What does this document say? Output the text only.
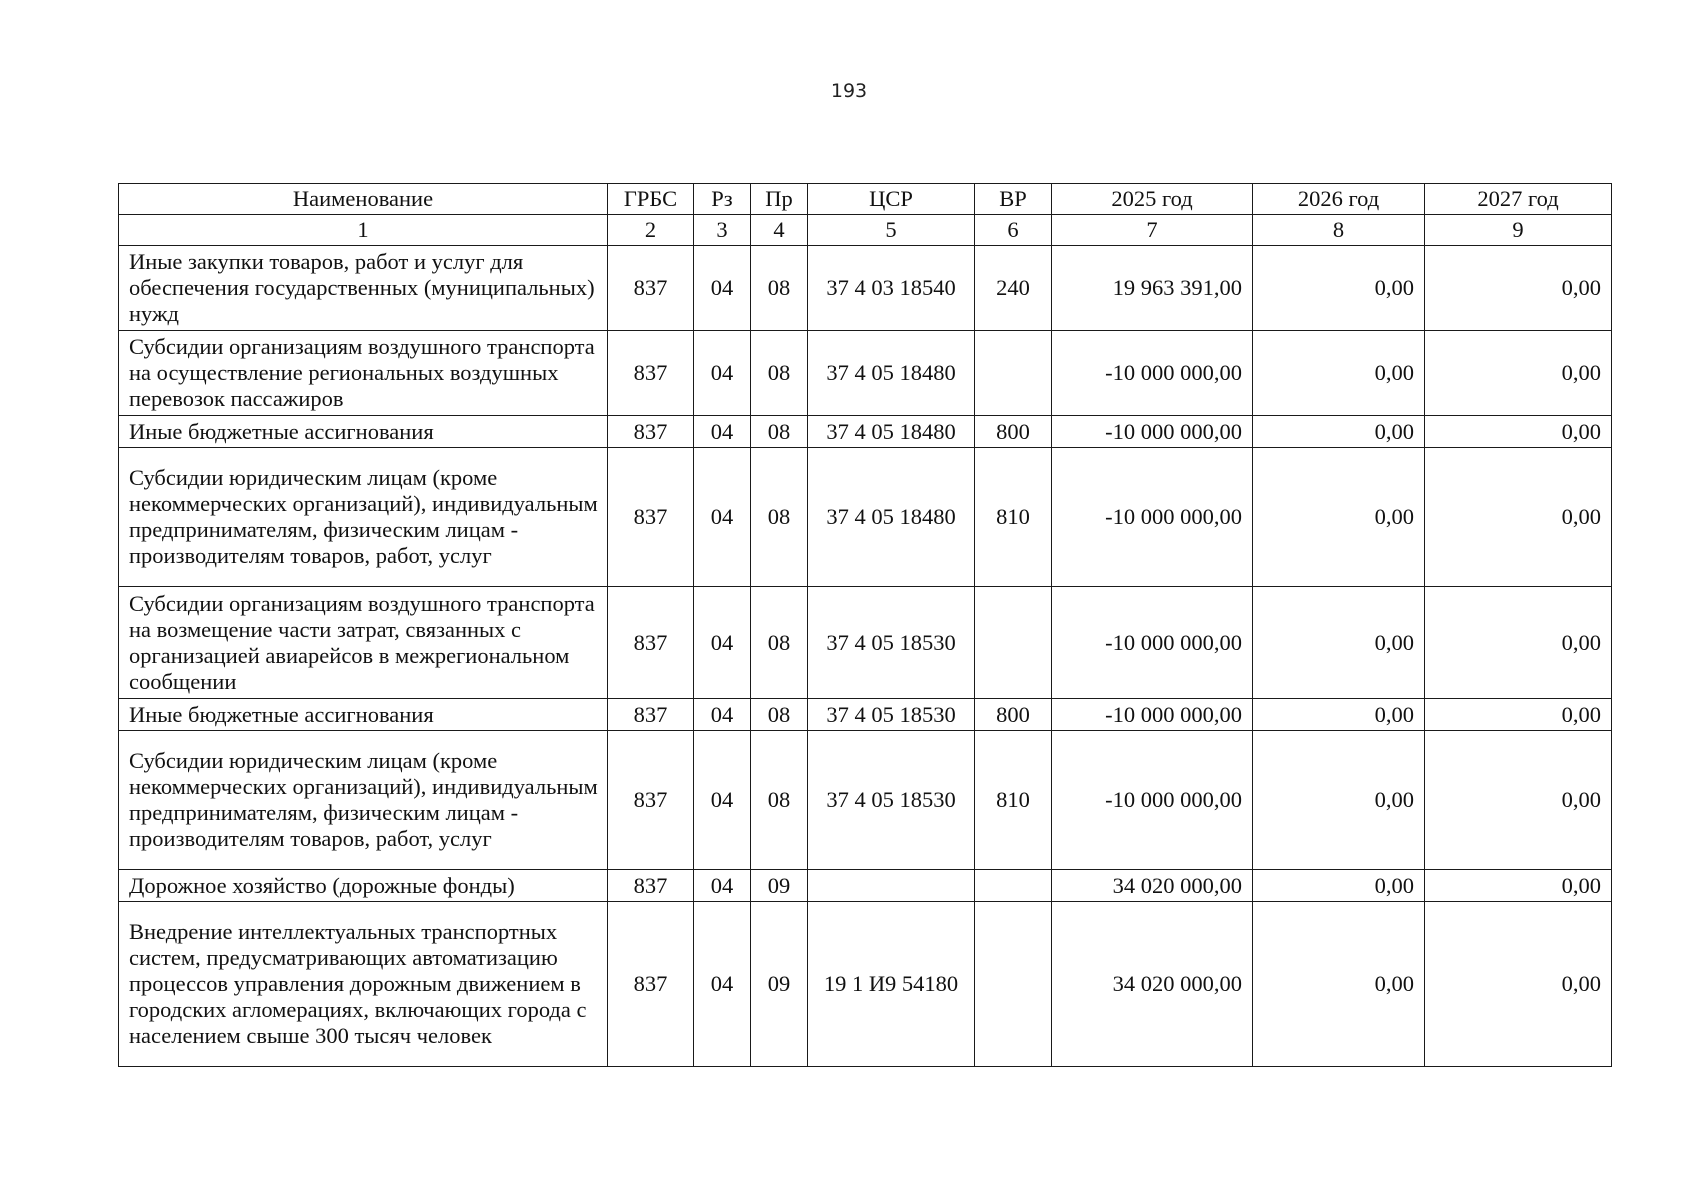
193
Наименование	ГРБС	Рз	Пр	ЦСР	ВР	2025 год	2026 год	2027 год
1	2	3	4	5	6	7	8	9
Иные закупки товаров, работ и услуг для обеспечения государственных (муниципальных) нужд	837	04	08	37 4 03 18540	240	19 963 391,00	0,00	0,00
Субсидии организациям воздушного транспорта на осуществление региональных воздушных перевозок пассажиров	837	04	08	37 4 05 18480		-10 000 000,00	0,00	0,00
Иные бюджетные ассигнования	837	04	08	37 4 05 18480	800	-10 000 000,00	0,00	0,00
Субсидии юридическим лицам (кроме некоммерческих организаций), индивидуальным предпринимателям, физическим лицам - производителям товаров, работ, услуг	837	04	08	37 4 05 18480	810	-10 000 000,00	0,00	0,00
Субсидии организациям воздушного транспорта на возмещение части затрат, связанных с организацией авиарейсов в межрегиональном сообщении	837	04	08	37 4 05 18530		-10 000 000,00	0,00	0,00
Иные бюджетные ассигнования	837	04	08	37 4 05 18530	800	-10 000 000,00	0,00	0,00
Субсидии юридическим лицам (кроме некоммерческих организаций), индивидуальным предпринимателям, физическим лицам - производителям товаров, работ, услуг	837	04	08	37 4 05 18530	810	-10 000 000,00	0,00	0,00
Дорожное хозяйство (дорожные фонды)	837	04	09			34 020 000,00	0,00	0,00
Внедрение интеллектуальных транспортных систем, предусматривающих автоматизацию процессов управления дорожным движением в городских агломерациях, включающих города с населением свыше 300 тысяч человек	837	04	09	19 1 И9 54180		34 020 000,00	0,00	0,00
